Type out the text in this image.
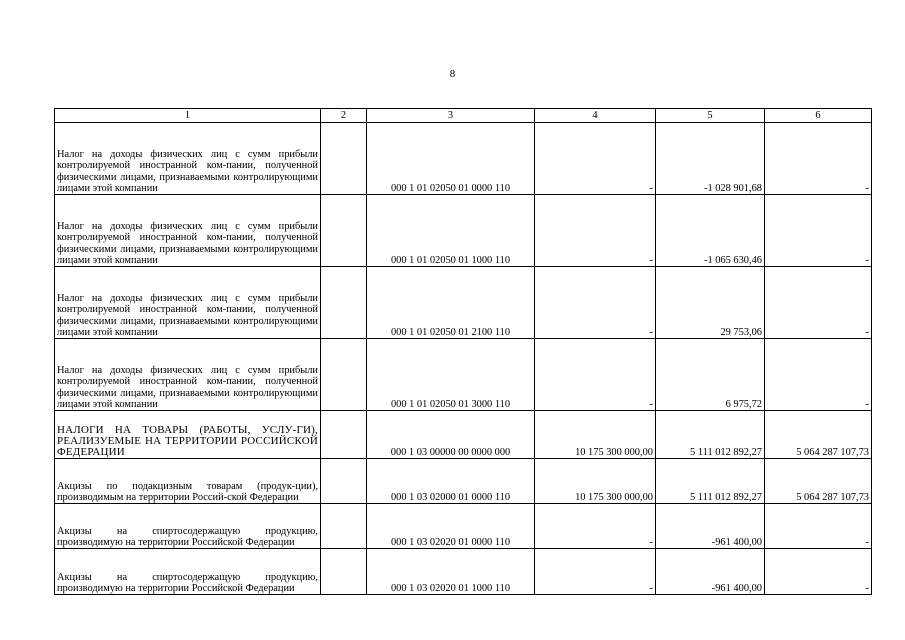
8
1	2	3	4	5	6
Налог на доходы физических лиц с сумм прибыли контролируемой иностранной ком-пании, полученной физическими лицами, признаваемыми контролирующими лицами этой компании		000 1 01 02050 01 0000 110	-	-1 028 901,68	-
Налог на доходы физических лиц с сумм прибыли контролируемой иностранной ком-пании, полученной физическими лицами, признаваемыми контролирующими лицами этой компании		000 1 01 02050 01 1000 110	-	-1 065 630,46	-
Налог на доходы физических лиц с сумм прибыли контролируемой иностранной ком-пании, полученной физическими лицами, признаваемыми контролирующими лицами этой компании		000 1 01 02050 01 2100 110	-	29 753,06	-
Налог на доходы физических лиц с сумм прибыли контролируемой иностранной ком-пании, полученной физическими лицами, признаваемыми контролирующими лицами этой компании		000 1 01 02050 01 3000 110	-	6 975,72	-
НАЛОГИ НА ТОВАРЫ (РАБОТЫ, УСЛУ-ГИ), РЕАЛИЗУЕМЫЕ НА ТЕРРИТОРИИ РОССИЙСКОЙ ФЕДЕРАЦИИ		000 1 03 00000 00 0000 000	10 175 300 000,00	5 111 012 892,27	5 064 287 107,73
Акцизы по подакцизным товарам (продук-ции), производимым на территории Россий-ской Федерации		000 1 03 02000 01 0000 110	10 175 300 000,00	5 111 012 892,27	5 064 287 107,73
Акцизы на спиртосодержащую продукцию, производимую на территории Российской Федерации		000 1 03 02020 01 0000 110	-	-961 400,00	-
Акцизы на спиртосодержащую продукцию, производимую на территории Российской Федерации		000 1 03 02020 01 1000 110	-	-961 400,00	-
